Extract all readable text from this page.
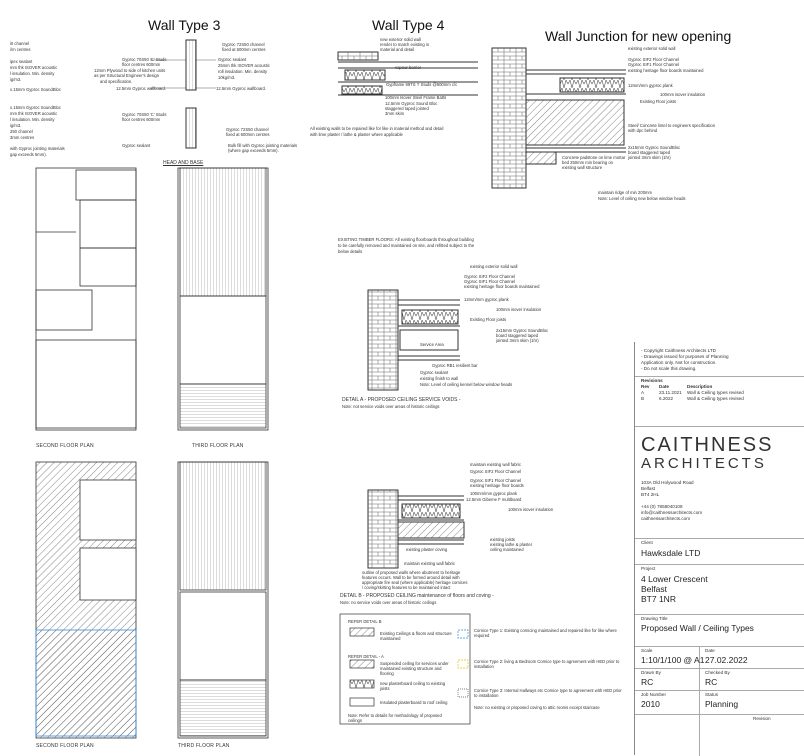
Wall Type 3	Wall Type 4
Wall Junction for new opening
HEAD AND BASE
i0 channel
i/m centres
ipex sealant
mm thk ISOVER acoustic
l insulation. Min. density
ig/m3.
x.15mm Gyproc SoundBloc
x.15mm Gyproc SoundBloc
mm thk ISOVER acoustic
l insulation. Min. density
ig/m3.
250 channel
3mm centres
with Gyproc jointing materials
gap exceeds 5mm).
Gyproc 72S50 channel
fixed at 600mm centres
Gyproc sealant
25mm thk ISOVER acoustic
roll insulation. Min. density
10kg/m3.
12.5mm Gyproc wallboard.
Gyproc 70S50 'C' Studs
floor centres 600mm
12mm Plywood to side of kitchen units
as per Structural Engineer's design
and specification.
12.5mm Gyproc wallboard.
Gyproc 70S50 'C' Studs
floor centres 600mm
Gyproc 72S50 channel
fixed at 600mm centres
Gyproc sealant	Bulk fill with Gyproc jointing materials
(where gap exceeds 5mm).
new exterior solid wall
render to match existing in
material and detail
vapour barrier
Gypframe 99TS 'I' Studs @600mm c/c
100mm Isover Steel Frame Batts
12.5mm Gyproc Sound Bloc
staggered taped jointed
3mm skim
All existing walls to be repaired like for like in material method and detail
with lime plaster / lathe & plaster where applicable
existing exterior solid wall
Gyproc SIF2 Floor Channel
Gyproc SIF1 Floor Channel
existing heritage floor boards maintained
12mm/mm gyproc plank
100mm isover insulation
Existing Floor joists
Steel/ Concrete lintel to engineers specification
with dpc behind
2x15mm Gyproc SoundBloc
board staggered taped
jointed 3mm skim (1hr)
Concrete padstone on lime mortar
bed 250mm min bearing on
existing wall structure
maintain ridge of min 200mm
Note: Level of ceiling new below window heads
EXISTING TIMBER FLOORS: All existing floorboards throughout building
to be carefully removed and maintained on site, and refitted subject to the
below details
existing exterior solid wall
Gyproc SIF2 Floor Channel
Gyproc SIF1 Floor Channel
existing heritage floor boards maintained
12mm/mm gyproc plank
100mm isover insulation
Existing Floor joists
2x15mm Gyproc SoundBloc
board staggered taped
jointed 3mm skim (1hr)
Service Area
Gyproc RB1 resilient bar
Gyproc sealant
existing finish to wall
Note: Level of ceiling kennel below window heads
DETAIL A - PROPOSED CEILING SERVICE VOIDS -
Note: not service voids over areas of historic ceilings
maintain existing wall fabric
Gyproc SIF2 Floor Channel
Gyproc SIF1 Floor Channel
existing heritage floor boards
100mm/mm gyproc plank
12.5mm Gibeme F multiboard
100mm isover insulation
existing joists
existing lathe & plaster
ceiling maintained
existing plaster coving
maintain existing wall fabric
outline of proposed walls where abutment to heritage
features occurs. Wall to be formed around detail with
appropriate fire seal (where applicable) heritage cornices
/ coving/skirting features to be maintained intact
DETAIL B - PROPOSED CEILING maintenance of floors and coving -
Note: no service voids over areas of historic ceilings
SECOND FLOOR PLAN	THIRD FLOOR PLAN
SECOND FLOOR PLAN	THIRD FLOOR PLAN
REFER DETAIL B
REFER DETAIL - A
Existing Ceilings & floors and structure maintained
Suspended ceiling for services under maintained existing structure and flooring
new plasterboard ceiling to existing joists
Insulated plasterboard to roof ceiling
Note: Refer to details for methodology of proposed ceilings
Cornice Type 1: Existing cornicing maintained and repaired like for like where required
Cornice Type 2: living & Bedroom Cornice type to agreement with HED prior to installation
Cornice Type 3: Internal Hallways etc Cornice type to agreement with HED prior to installation
Note: no existing or proposed coving to attic rooms except staircase
- Copyright Caithness Architects LTD
- Drawings issued for purposes of Planning
Application only. Not for construction.
- Do not scale this drawing.
Revisions
Rev Date	Description
A	23.11.2021 Wall & Ceiling types revised
B	6.2022	Wall & Ceiling types revised
CAITHNESS
ARCHITECTS
103A Old Holywood Road
Belfast
BT4 2HL
+44 (0) 7858040108
info@caithnessarchitects.com
caithnessarchitects.com
Client
Hawksdale LTD
Project
4 Lower Crescent
Belfast
BT7 1NR
Drawing Title
Proposed Wall / Ceiling Types
Scale
1:10/1/100 @ A1
Date
27.02.2022
Drawn By
RC
Checked By
RC
Job Number
2010
Status
Planning
Revision
